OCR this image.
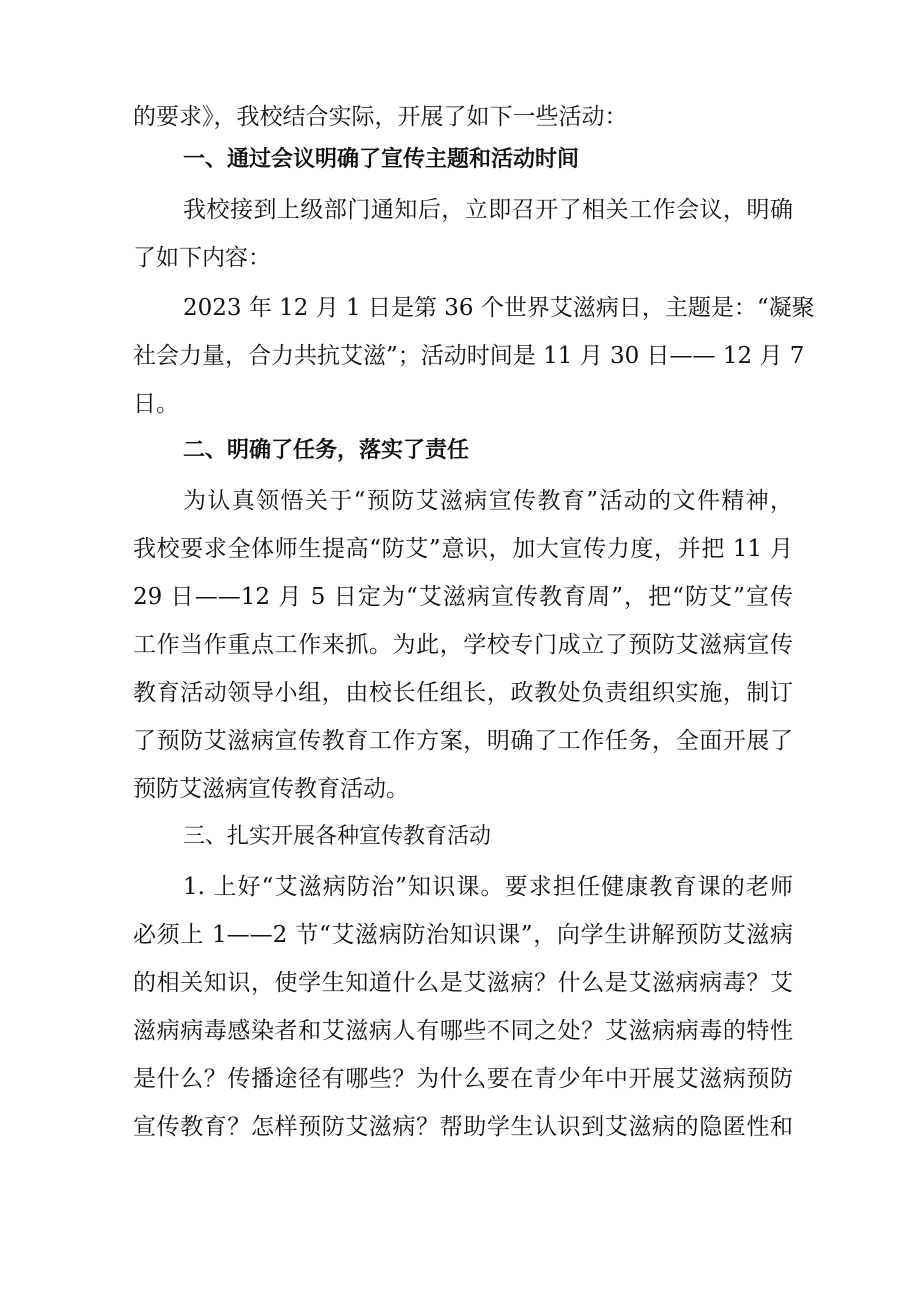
的要求》，我校结合实际，开展了如下一些活动：
一、通过会议明确了宣传主题和活动时间
我校接到上级部门通知后，立即召开了相关工作会议，明确
了如下内容：
2023 年 12 月 1 日是第 36 个世界艾滋病日，主题是：“凝聚
社会力量，合力共抗艾滋”；活动时间是 11 月 30 日—— 12 月 7
日。
二、明确了任务，落实了责任
为认真领悟关于“预防艾滋病宣传教育”活动的文件精神，
我校要求全体师生提高“防艾”意识，加大宣传力度，并把 11 月
29 日——12 月 5 日定为“艾滋病宣传教育周”，把“防艾”宣传
工作当作重点工作来抓。为此，学校专门成立了预防艾滋病宣传
教育活动领导小组，由校长任组长，政教处负责组织实施，制订
了预防艾滋病宣传教育工作方案，明确了工作任务，全面开展了
预防艾滋病宣传教育活动。
三、扎实开展各种宣传教育活动
1. 上好“艾滋病防治”知识课。要求担任健康教育课的老师
必须上 1——2 节“艾滋病防治知识课”，向学生讲解预防艾滋病
的相关知识，使学生知道什么是艾滋病？什么是艾滋病病毒？艾
滋病病毒感染者和艾滋病人有哪些不同之处？艾滋病病毒的特性
是什么？传播途径有哪些？为什么要在青少年中开展艾滋病预防
宣传教育？怎样预防艾滋病？帮助学生认识到艾滋病的隐匿性和
